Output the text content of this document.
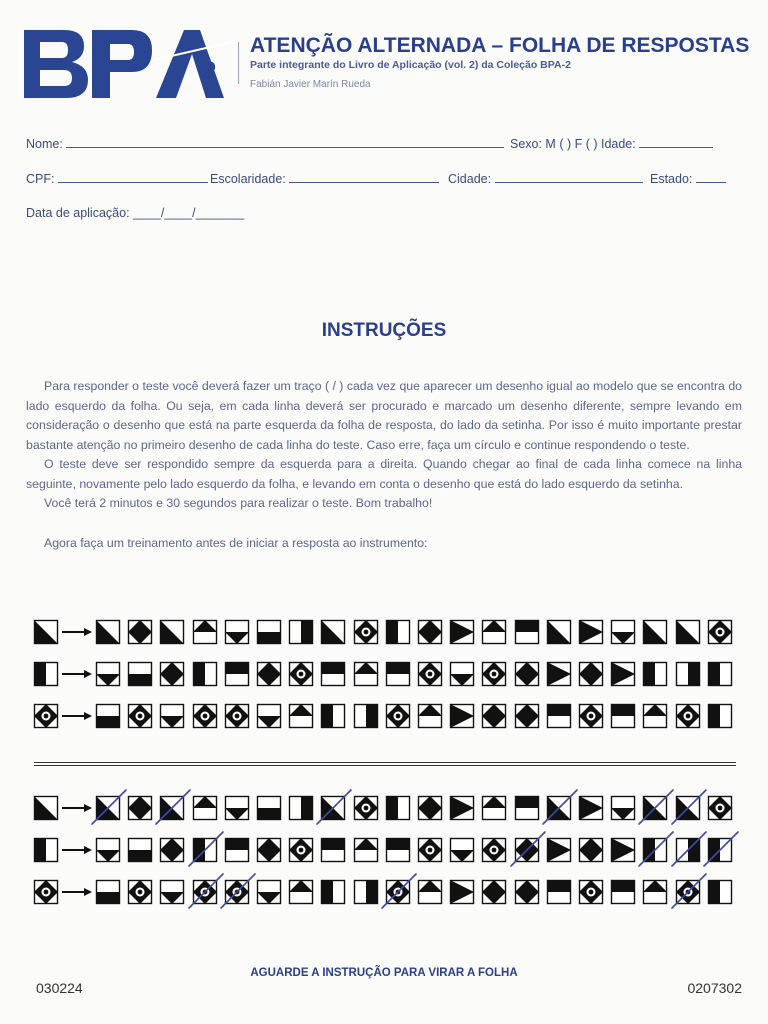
2
ATENÇÃO ALTERNADA – FOLHA DE RESPOSTAS
Parte integrante do Livro de Aplicação (vol. 2) da Coleção BPA-2
Fabián Javier Marín Rueda
Nome:	Sexo: M ( ) F ( ) Idade:
CPF:	Escolaridade:	Cidade:	Estado:
Data de aplicação: ____/____/_______
INSTRUÇÕES

Para responder o teste você deverá fazer um traço ( / ) cada vez que aparecer um desenho igual ao modelo que se encontra do lado esquerdo da folha. Ou seja, em cada linha deverá ser procurado e marcado um desenho diferente, sempre levando em consideração o desenho que está na parte esquerda da folha de resposta, do lado da setinha. Por isso é muito importante prestar bastante atenção no primeiro desenho de cada linha do teste. Caso erre, faça um círculo e continue respondendo o teste.

O teste deve ser respondido sempre da esquerda para a direita. Quando chegar ao final de cada linha comece na linha seguinte, novamente pelo lado esquerdo da folha, e levando em conta o desenho que está do lado esquerdo da setinha.

Você terá 2 minutos e 30 segundos para realizar o teste. Bom trabalho!

Agora faça um treinamento antes de iniciar a resposta ao instrumento:
AGUARDE A INSTRUÇÃO PARA VIRAR A FOLHA
030224	0207302
